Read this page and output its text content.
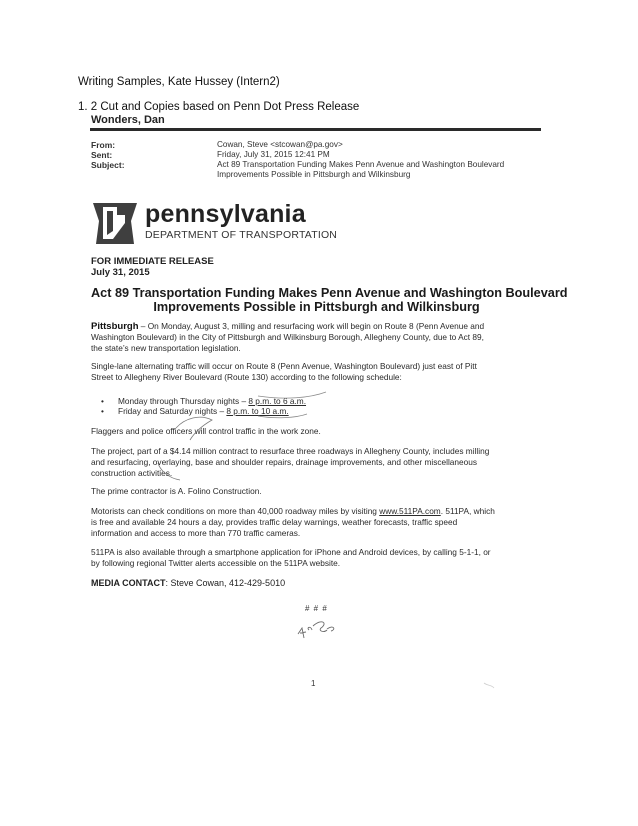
Writing Samples, Kate Hussey (Intern2)
1. 2 Cut and Copies based on Penn Dot Press Release
Wonders, Dan
From:	Cowan, Steve <stcowan@pa.gov>
Sent:	Friday, July 31, 2015 12:41 PM
Subject:	Act 89 Transportation Funding Makes Penn Avenue and Washington Boulevard
Improvements Possible in Pittsburgh and Wilkinsburg
pennsylvania
DEPARTMENT OF TRANSPORTATION
FOR IMMEDIATE RELEASE
July 31, 2015
Act 89 Transportation Funding Makes Penn Avenue and Washington Boulevard
Improvements Possible in Pittsburgh and Wilkinsburg
Pittsburgh – On Monday, August 3, milling and resurfacing work will begin on Route 8 (Penn Avenue and
Washington Boulevard) in the City of Pittsburgh and Wilkinsburg Borough, Allegheny County, due to Act 89,
the state’s new transportation legislation.
Single-lane alternating traffic will occur on Route 8 (Penn Avenue, Washington Boulevard) just east of Pitt
Street to Allegheny River Boulevard (Route 130) according to the following schedule:
• Monday through Thursday nights – 8 p.m. to 6 a.m.
• Friday and Saturday nights – 8 p.m. to 10 a.m.
Flaggers and police officers will control traffic in the work zone.
The project, part of a $4.14 million contract to resurface three roadways in Allegheny County, includes milling
and resurfacing, overlaying, base and shoulder repairs, drainage improvements, and other miscellaneous
construction activities.
The prime contractor is A. Folino Construction.
Motorists can check conditions on more than 40,000 roadway miles by visiting www.511PA.com. 511PA, which
is free and available 24 hours a day, provides traffic delay warnings, weather forecasts, traffic speed
information and access to more than 770 traffic cameras.
511PA is also available through a smartphone application for iPhone and Android devices, by calling 5-1-1, or
by following regional Twitter alerts accessible on the 511PA website.
MEDIA CONTACT: Steve Cowan, 412-429-5010
# # #
1
